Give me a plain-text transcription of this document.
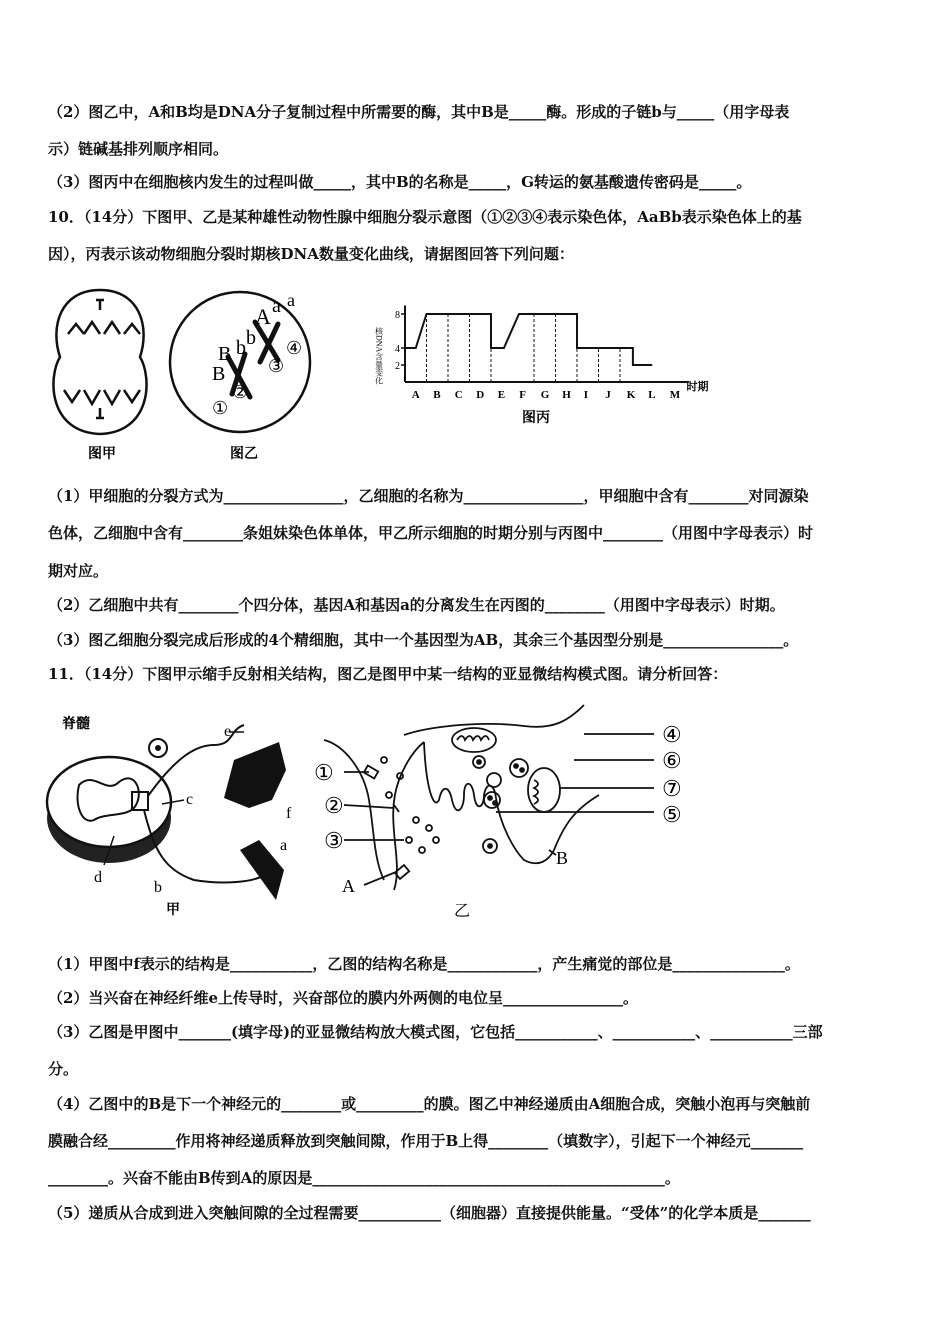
（2）图乙中，A和B均是DNA分子复制过程中所需要的酶，其中B是_____酶。形成的子链b与_____（用字母表
示）链碱基排列顺序相同。
（3）图丙中在细胞核内发生的过程叫做_____，其中B的名称是_____，G转运的氨基酸遗传密码是_____。
10．（14分）下图甲、乙是某种雄性动物性腺中细胞分裂示意图（①②③④表示染色体，AaBb表示染色体上的基
因），丙表示该动物细胞分裂时期核DNA数量变化曲线，请据图回答下列问题：
图甲
A a a
B b b
B
①
②
③
④
图乙
2
4
8
A B C D E F G H I J K L M
时期
核DNA含量变化
图丙
（1）甲细胞的分裂方式为________________，乙细胞的名称为________________，甲细胞中含有________对同源染
色体，乙细胞中含有________条姐妹染色体单体，甲乙所示细胞的时期分别与丙图中________（用图中字母表示）时
期对应。
（2）乙细胞中共有________个四分体，基因A和基因a的分离发生在丙图的________（用图中字母表示）时期。
（3）图乙细胞分裂完成后形成的4个精细胞，其中一个基因型为AB，其余三个基因型分别是________________。
11．（14分）下图甲示缩手反射相关结构，图乙是图甲中某一结构的亚显微结构模式图。请分析回答：
脊髓	e
c
f
a
d
b
甲
①
②
③
④
⑥
⑦
⑤
A
B
乙
（1）甲图中f表示的结构是___________，乙图的结构名称是____________，产生痛觉的部位是_______________。
（2）当兴奋在神经纤维e上传导时，兴奋部位的膜内外两侧的电位呈________________。
（3）乙图是甲图中_______(填字母)的亚显微结构放大模式图，它包括___________、___________、___________三部
分。
（4）乙图中的B是下一个神经元的________或_________的膜。图乙中神经递质由A细胞合成，突触小泡再与突触前
膜融合经_________作用将神经递质释放到突触间隙，作用于B上得________（填数字），引起下一个神经元_______
________。兴奋不能由B传到A的原因是_______________________________________________。
（5）递质从合成到进入突触间隙的全过程需要___________（细胞器）直接提供能量。“受体”的化学本质是_______
